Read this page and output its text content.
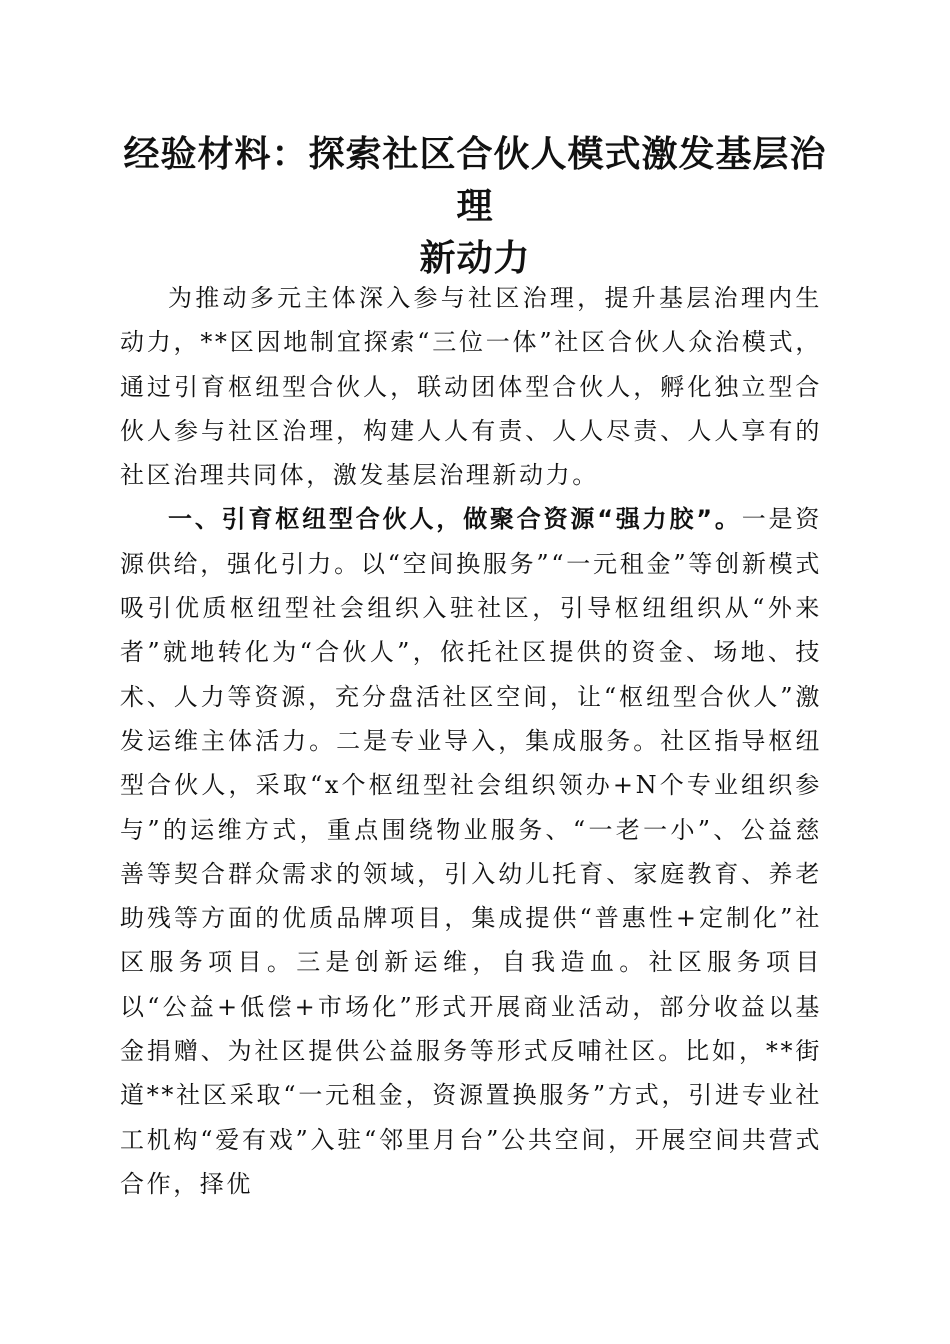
经验材料：探索社区合伙人模式激发基层治理
新动力

为推动多元主体深入参与社区治理，提升基层治理内生动力，**区因地制宜探索“三位一体”社区合伙人众治模式，通过引育枢纽型合伙人，联动团体型合伙人，孵化独立型合伙人参与社区治理，构建人人有责、人人尽责、人人享有的社区治理共同体，激发基层治理新动力。

一、引育枢纽型合伙人，做聚合资源“强力胶”。一是资源供给，强化引力。以“空间换服务”“一元租金”等创新模式吸引优质枢纽型社会组织入驻社区，引导枢纽组织从“外来者”就地转化为“合伙人”，依托社区提供的资金、场地、技术、人力等资源，充分盘活社区空间，让“枢纽型合伙人”激发运维主体活力。二是专业导入，集成服务。社区指导枢纽型合伙人，采取“x个枢纽型社会组织领办+N个专业组织参与”的运维方式，重点围绕物业服务、“一老一小”、公益慈善等契合群众需求的领域，引入幼儿托育、家庭教育、养老助残等方面的优质品牌项目，集成提供“普惠性+定制化”社区服务项目。三是创新运维，自我造血。社区服务项目以“公益+低偿+市场化”形式开展商业活动，部分收益以基金捐赠、为社区提供公益服务等形式反哺社区。比如，**街道**社区采取“一元租金，资源置换服务”方式，引进专业社工机构“爱有戏”入驻“邻里月台”公共空间，开展空间共营式合作，择优
